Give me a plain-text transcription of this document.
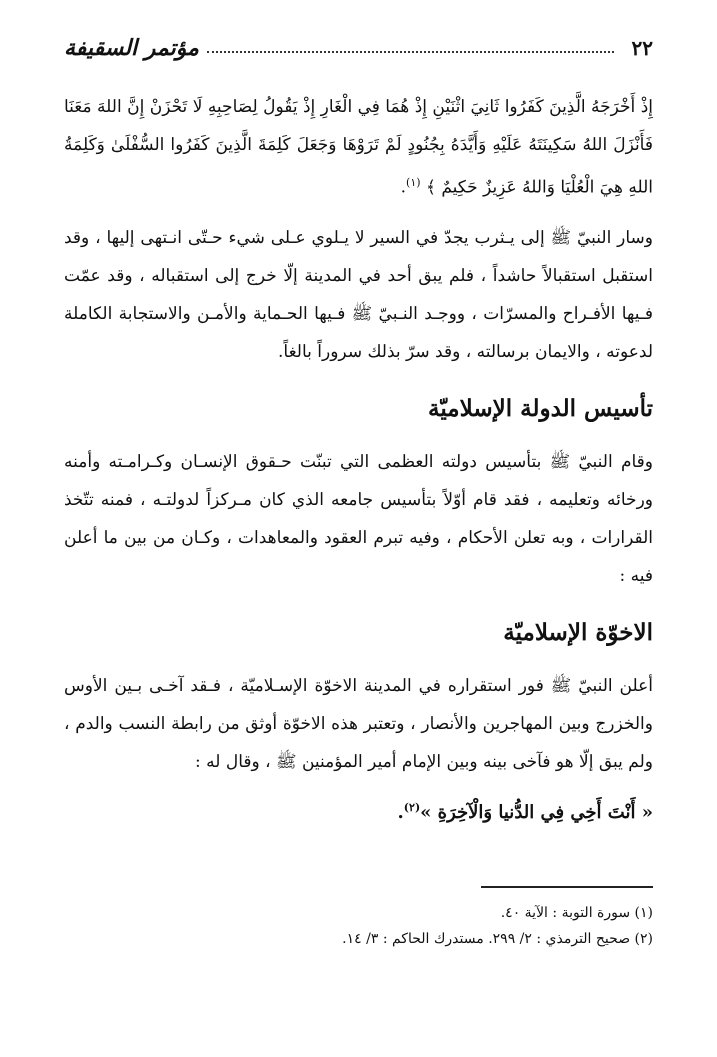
٢٢
مؤتمر السقيفة

إِذْ أَخْرَجَهُ الَّذِينَ كَفَرُوا ثَانِيَ اثْنَيْنِ إِذْ هُمَا فِي الْغَارِ إِذْ يَقُولُ لِصَاحِبِهِ لَا تَحْزَنْ إِنَّ اللهَ مَعَنَا فَأَنْزَلَ اللهُ سَكِينَتَهُ عَلَيْهِ وَأَيَّدَهُ بِجُنُودٍ لَمْ تَرَوْهَا وَجَعَلَ كَلِمَةَ الَّذِينَ كَفَرُوا السُّفْلَىٰ وَكَلِمَةُ اللهِ هِيَ الْعُلْيَا وَاللهُ عَزِيزٌ حَكِيمٌ ﴾ $^{(١)}$.

وسار النبيّ ﷺ إلى يـثرب يجدّ في السير لا يـلوي عـلى شيء حـتّى انـتهى إليها ، وقد استقبل استقبالاً حاشداً ، فلم يبق أحد في المدينة إلّا خرج إلى استقباله ، وقد عمّت فـيها الأفـراح والمسرّات ، ووجـد النـبيّ ﷺ فـيها الحـماية والأمـن والاستجابة الكاملة لدعوته ، والايمان برسالته ، وقد سرّ بذلك سروراً بالغاً.

تأسيس الدولة الإسلاميّة

وقام النبيّ ﷺ بتأسيس دولته العظمى التي تبنّت حـقوق الإنسـان وكـرامـته وأمنه ورخائه وتعليمه ، فقد قام أوّلاً بتأسيس جامعه الذي كان مـركزاً لدولتـه ، فمنه تتّخذ القرارات ، وبه تعلن الأحكام ، وفيه تبرم العقود والمعاهدات ، وكـان من بين ما أعلن فيه :

الاخوّة الإسلاميّة

أعلن النبيّ ﷺ فور استقراره في المدينة الاخوّة الإسـلاميّة ، فـقد آخـى بـين الأوس والخزرج وبين المهاجرين والأنصار ، وتعتبر هذه الاخوّة أوثق من رابطة النسب والدم ، ولم يبق إلّا هو فآخى بينه وبين الإمام أمير المؤمنين ﷺ ، وقال له :

« أَنْتَ أَخِي فِي الدُّنيا وَالْآخِرَةِ »$^{(٢)}$.

(١) سورة التوبة : الآية ٤٠.

(٢) صحيح الترمذي : ٢/ ٢٩٩. مستدرك الحاكم : ٣/ ١٤.
